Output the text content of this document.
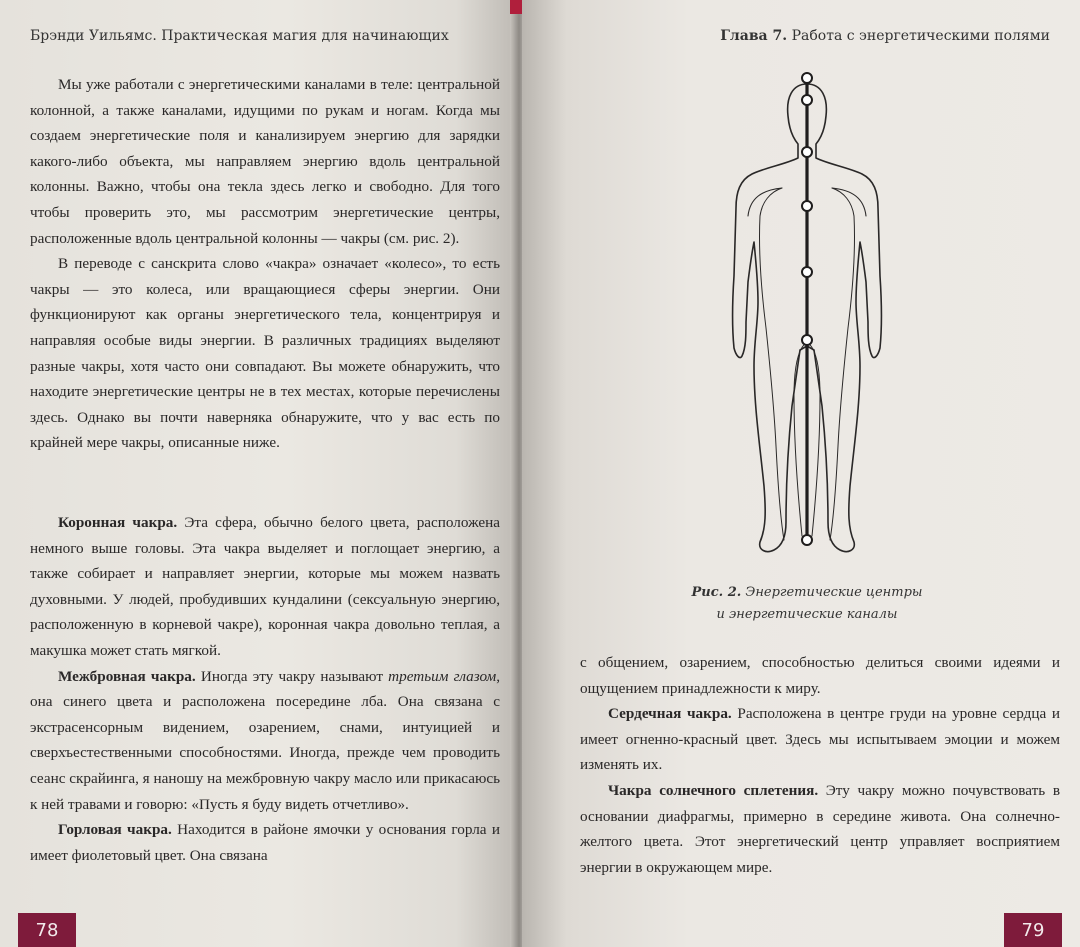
Брэнди Уильямс. Практическая магия для начинающих

Мы уже работали с энергетическими каналами в теле: центральной колонной, а также каналами, идущими по рукам и ногам. Когда мы создаем энергетические поля и канализируем энергию для зарядки какого-либо объекта, мы направляем энергию вдоль центральной колонны. Важно, чтобы она текла здесь легко и свободно. Для того чтобы проверить это, мы рассмотрим энергетические центры, расположенные вдоль центральной колонны — чакры (см. рис. 2).

В переводе с санскрита слово «чакра» означает «колесо», то есть чакры — это колеса, или вращающиеся сферы энергии. Они функционируют как органы энергетического тела, концентрируя и направляя особые виды энергии. В различных традициях выделяют разные чакры, хотя часто они совпадают. Вы можете обнаружить, что находите энергетические центры не в тех местах, которые перечислены здесь. Однако вы почти наверняка обнаружите, что у вас есть по крайней мере чакры, описанные ниже.

Коронная чакра. Эта сфера, обычно белого цвета, расположена немного выше головы. Эта чакра выделяет и поглощает энергию, а также собирает и направляет энергии, которые мы можем назвать духовными. У людей, пробудивших кундалини (сексуальную энергию, расположенную в корневой чакре), коронная чакра довольно теплая, а макушка может стать мягкой.

Межбровная чакра. Иногда эту чакру называют третьим глазом, она синего цвета и расположена посередине лба. Она связана с экстрасенсорным видением, озарением, снами, интуицией и сверхъестественными способностями. Иногда, прежде чем проводить сеанс скрайинга, я наношу на межбровную чакру масло или прикасаюсь к ней травами и говорю: «Пусть я буду видеть отчетливо».

Горловая чакра. Находится в районе ямочки у основания горла и имеет фиолетовый цвет. Она связана

78
Глава 7. Работа с энергетическими полями
Рис. 2. Энергетические центры
и энергетические каналы

с общением, озарением, способностью делиться своими идеями и ощущением принадлежности к миру.

Сердечная чакра. Расположена в центре груди на уровне сердца и имеет огненно-красный цвет. Здесь мы испытываем эмоции и можем изменять их.

Чакра солнечного сплетения. Эту чакру можно почувствовать в основании диафрагмы, примерно в середине живота. Она солнечно-желтого цвета. Этот энергетический центр управляет восприятием энергии в окружающем мире.

79
